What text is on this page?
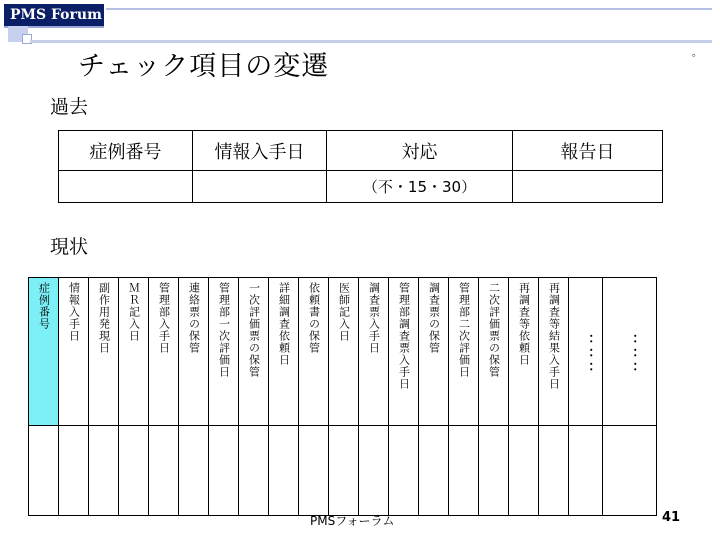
PMS Forum
。
チェック項目の変遷
過去
症例番号	情報入手日	対応	報告日
		（不・15・30）	
現状
症例番号	情報入手日	副作用発現日	ＭＲ記入日	管理部入手日	連絡票の保管	管理部一次評価日	一次評価票の保管	詳細調査依頼日	依頼書の保管	医師記入日	調査票入手日	管理部調査票入手日	調査票の保管	管理部二次評価日	二次評価票の保管	再調査等依頼日	再調査等結果入手日	：：：	：：：

PMSフォーラム	41
